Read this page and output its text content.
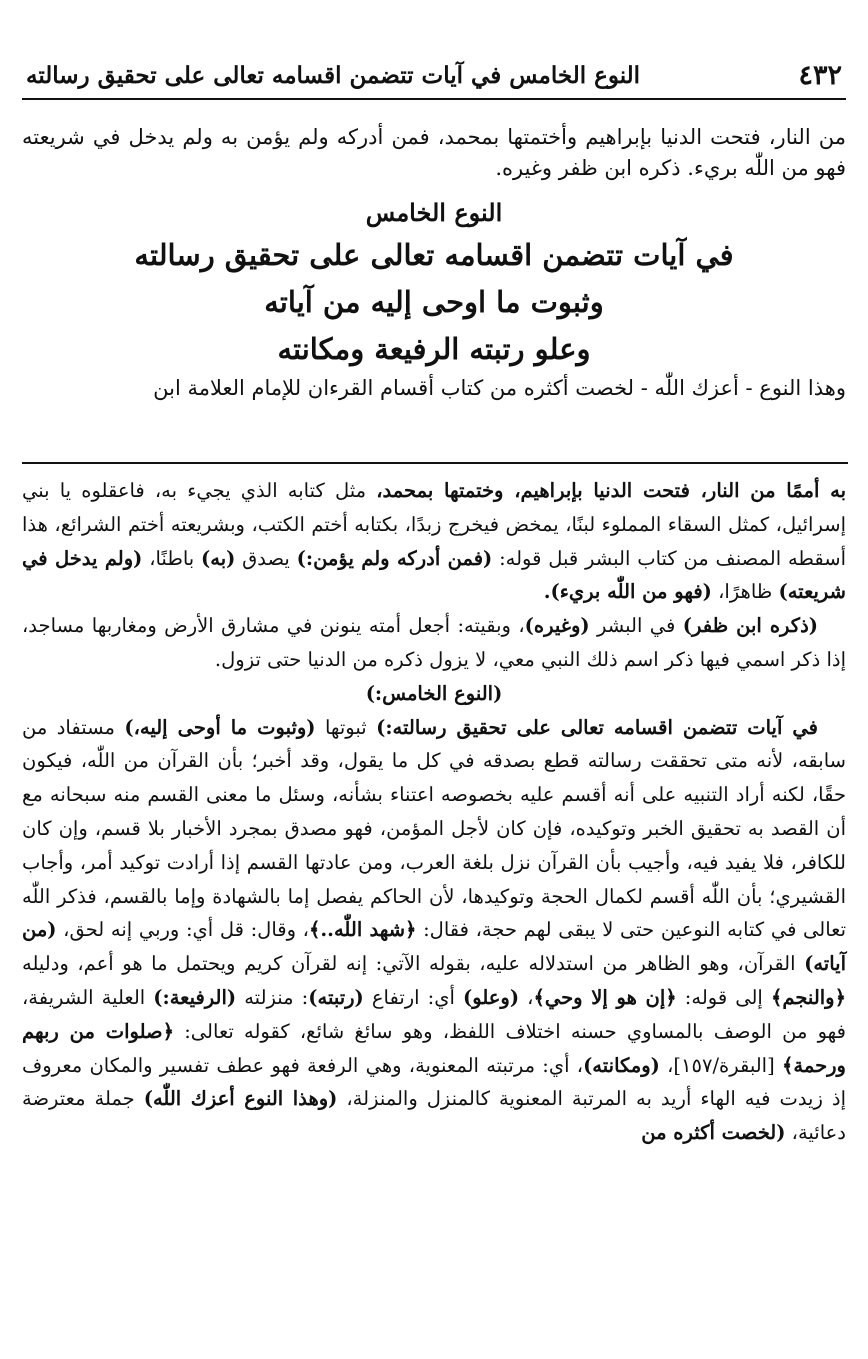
٤٣٢
النوع الخامس في آيات تتضمن اقسامه تعالى على تحقيق رسالته

من النار، فتحت الدنيا بإبراهيم وأختمتها بمحمد، فمن أدركه ولم يؤمن به ولم يدخل في شريعته فهو من اللّٰه بريء. ذكره ابن ظفر وغيره.

النوع الخامس
في آيات تتضمن اقسامه تعالى على تحقيق رسالته
وثبوت ما اوحى إليه من آياته
وعلو رتبته الرفيعة ومكانته

وهذا النوع - أعزك اللّٰه - لخصت أكثره من كتاب أقسام القرءان للإمام العلامة ابن

به أممًا من النار، فتحت الدنيا بإبراهيم، وختمتها بمحمد، مثل كتابه الذي يجيء به، فاعقلوه يا بني إسرائيل، كمثل السقاء المملوء لبنًا، يمخض فيخرج زبدًا، بكتابه أختم الكتب، وبشريعته أختم الشرائع، هذا أسقطه المصنف من كتاب البشر قبل قوله: (فمن أدركه ولم يؤمن:) يصدق (به) باطنًا، (ولم يدخل في شريعته) ظاهرًا، (فهو من اللّٰه بريء).

(ذكره ابن ظفر) في البشر (وغيره)، وبقيته: أجعل أمته ينونن في مشارق الأرض ومغاربها مساجد، إذا ذكر اسمي فيها ذكر اسم ذلك النبي معي، لا يزول ذكره من الدنيا حتى تزول.

(النوع الخامس:)

في آيات تتضمن اقسامه تعالى على تحقيق رسالته:) ثبوتها (وثبوت ما أوحى إليه،) مستفاد من سابقه، لأنه متى تحققت رسالته قطع بصدقه في كل ما يقول، وقد أخبر؛ بأن القرآن من اللّٰه، فيكون حقًا، لكنه أراد التنبيه على أنه أقسم عليه بخصوصه اعتناء بشأنه، وسئل ما معنى القسم منه سبحانه مع أن القصد به تحقيق الخبر وتوكيده، فإن كان لأجل المؤمن، فهو مصدق بمجرد الأخبار بلا قسم، وإن كان للكافر، فلا يفيد فيه، وأجيب بأن القرآن نزل بلغة العرب، ومن عادتها القسم إذا أرادت توكيد أمر، وأجاب القشيري؛ بأن اللّٰه أقسم لكمال الحجة وتوكيدها، لأن الحاكم يفصل إما بالشهادة وإما بالقسم، فذكر اللّٰه تعالى في كتابه النوعين حتى لا يبقى لهم حجة، فقال: ﴿شهد اللّٰه..﴾، وقال: قل أي: وربي إنه لحق، (من آياته) القرآن، وهو الظاهر من استدلاله عليه، بقوله الآتي: إنه لقرآن كريم ويحتمل ما هو أعم، ودليله ﴿والنجم﴾ إلى قوله: ﴿إن هو إلا وحي﴾، (وعلو) أي: ارتفاع (رتبته): منزلته (الرفيعة:) العلية الشريفة، فهو من الوصف بالمساوي حسنه اختلاف اللفظ، وهو سائغ شائع، كقوله تعالى: ﴿صلوات من ربهم ورحمة﴾ [البقرة/١٥٧]، (ومكانته)، أي: مرتبته المعنوية، وهي الرفعة فهو عطف تفسير والمكان معروف إذ زيدت فيه الهاء أريد به المرتبة المعنوية كالمنزل والمنزلة، (وهذا النوع أعزك اللّٰه) جملة معترضة دعائية، (لخصت أكثره من
